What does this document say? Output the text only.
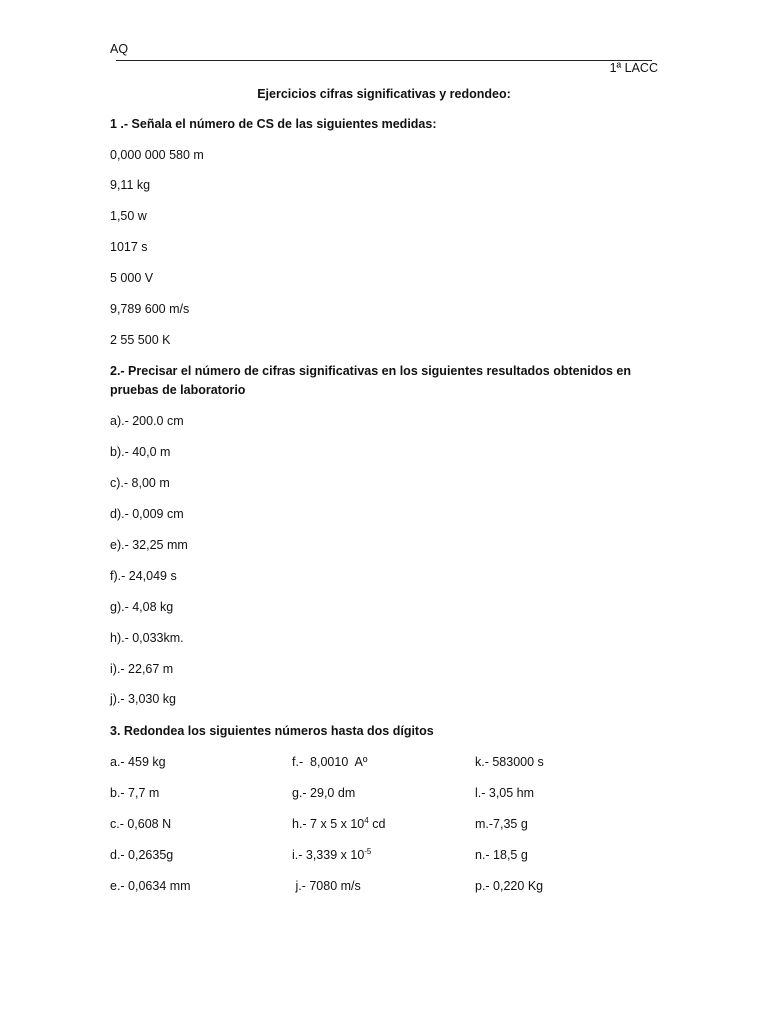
AQ
1ª LACC
Ejercicios cifras significativas y redondeo:
1 .- Señala el número de CS de las siguientes medidas:
0,000 000 580 m
9,11 kg
1,50 w
1017 s
5 000 V
9,789 600 m/s
2 55 500 K
2.- Precisar el número de cifras significativas en los siguientes resultados obtenidos en
pruebas de laboratorio
a).- 200.0 cm
b).- 40,0 m
c).- 8,00 m
d).- 0,009 cm
e).- 32,25 mm
f).- 24,049 s
g).- 4,08 kg
h).- 0,033km.
i).- 22,67 m
j).- 3,030 kg
3. Redondea los siguientes números hasta dos dígitos
a.- 459 kg
b.- 7,7 m
c.- 0,608 N
d.- 0,2635g
e.- 0,0634 mm
f.-  8,0010  Aº
g.- 29,0 dm
h.- 7 x 5 x $10^4$ cd
i.- 3,339 x $10^{-5}$
j.- 7080 m/s
k.- 583000 s
l.- 3,05 hm
m.-7,35 g
n.- 18,5 g
p.- 0,220 Kg
